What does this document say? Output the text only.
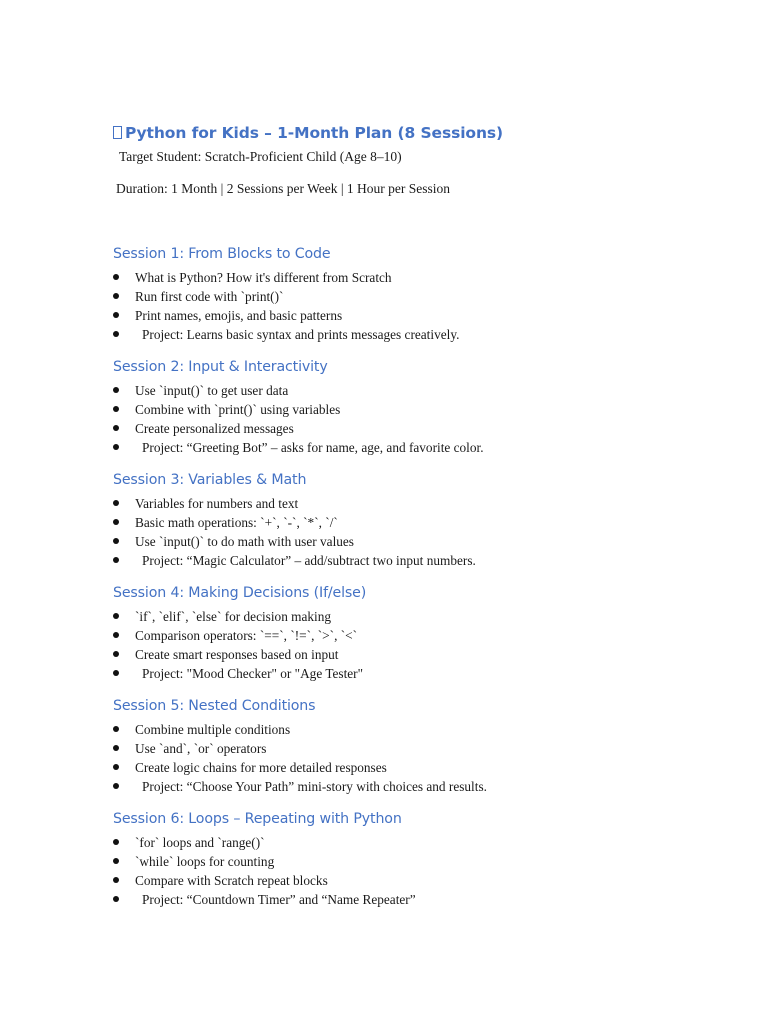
Python for Kids – 1-Month Plan (8 Sessions)

Target Student: Scratch-Proficient Child (Age 8–10)

Duration: 1 Month | 2 Sessions per Week | 1 Hour per Session

Session 1: From Blocks to Code
What is Python? How it's different from Scratch
Run first code with `print()`
Print names, emojis, and basic patterns
Project: Learns basic syntax and prints messages creatively.
Session 2: Input & Interactivity
Use `input()` to get user data
Combine with `print()` using variables
Create personalized messages
Project: “Greeting Bot” – asks for name, age, and favorite color.
Session 3: Variables & Math
Variables for numbers and text
Basic math operations: `+`, `-`, `*`, `/`
Use `input()` to do math with user values
Project: “Magic Calculator” – add/subtract two input numbers.
Session 4: Making Decisions (If/else)
`if`, `elif`, `else` for decision making
Comparison operators: `==`, `!=`, `>`, `<`
Create smart responses based on input
Project: "Mood Checker" or "Age Tester"
Session 5: Nested Conditions
Combine multiple conditions
Use `and`, `or` operators
Create logic chains for more detailed responses
Project: “Choose Your Path” mini-story with choices and results.
Session 6: Loops – Repeating with Python
`for` loops and `range()`
`while` loops for counting
Compare with Scratch repeat blocks
Project: “Countdown Timer” and “Name Repeater”
